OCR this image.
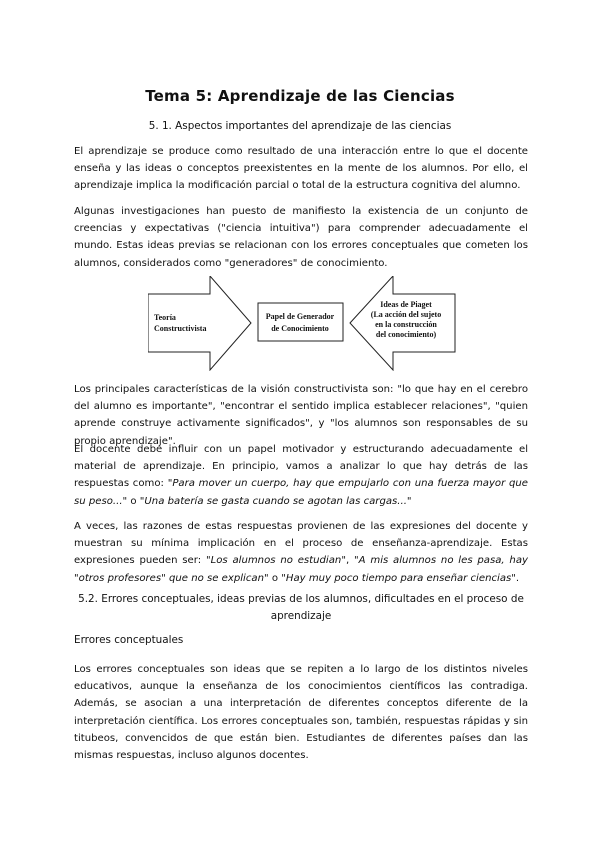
Tema 5: Aprendizaje de las Ciencias
5. 1. Aspectos importantes del aprendizaje de las ciencias

El aprendizaje se produce como resultado de una interacción entre lo que el docente enseña y las ideas o conceptos preexistentes en la mente de los alumnos. Por ello, el aprendizaje implica la modificación parcial o total de la estructura cognitiva del alumno.

Algunas investigaciones han puesto de manifiesto la existencia de un conjunto de creencias y expectativas ("ciencia intuitiva") para comprender adecuadamente el mundo. Estas ideas previas se relacionan con los errores conceptuales que cometen los alumnos, considerados como "generadores" de conocimiento.

Teoría
Constructivista
Papel de Generador
de Conocimiento
Ideas de Piaget
(La acción del sujeto
en la construcción
del conocimiento)

Los principales características de la visión constructivista son: "lo que hay en el cerebro del alumno es importante", "encontrar el sentido implica establecer relaciones", "quien aprende construye activamente significados", y "los alumnos son responsables de su propio aprendizaje".

El docente debe influir con un papel motivador y estructurando adecuadamente el material de aprendizaje. En principio, vamos a analizar lo que hay detrás de las respuestas como: "Para mover un cuerpo, hay que empujarlo con una fuerza mayor que su peso..." o "Una batería se gasta cuando se agotan las cargas..."

A veces, las razones de estas respuestas provienen de las expresiones del docente y muestran su mínima implicación en el proceso de enseñanza-aprendizaje. Estas expresiones pueden ser: "Los alumnos no estudian", "A mis alumnos no les pasa, hay "otros profesores" que no se explican" o "Hay muy poco tiempo para enseñar ciencias".

5.2. Errores conceptuales, ideas previas de los alumnos, dificultades en el proceso de aprendizaje
Errores conceptuales

Los errores conceptuales son ideas que se repiten a lo largo de los distintos niveles educativos, aunque la enseñanza de los conocimientos científicos las contradiga. Además, se asocian a una interpretación de diferentes conceptos diferente de la interpretación científica. Los errores conceptuales son, también, respuestas rápidas y sin titubeos, convencidos de que están bien. Estudiantes de diferentes países dan las mismas respuestas, incluso algunos docentes.
